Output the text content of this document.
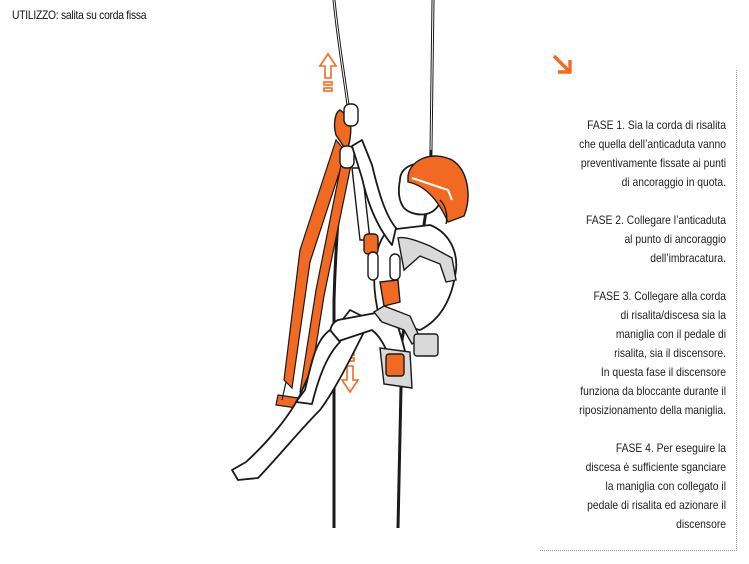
UTILIZZO: salita su corda fissa
FASE 1. Sia la corda di risalita
che quella dell’anticaduta vanno
preventivamente fissate ai punti
di ancoraggio in quota.
FASE 2. Collegare l’anticaduta
al punto di ancoraggio
dell’imbracatura.
FASE 3. Collegare alla corda
di risalita/discesa sia la
maniglia con il pedale di
risalita, sia il discensore.
In questa fase il discensore
funziona da bloccante durante il
riposizionamento della maniglia.
FASE 4. Per eseguire la
discesa è sufficiente sganciare
la maniglia con collegato il
pedale di risalita ed azionare il
discensore
